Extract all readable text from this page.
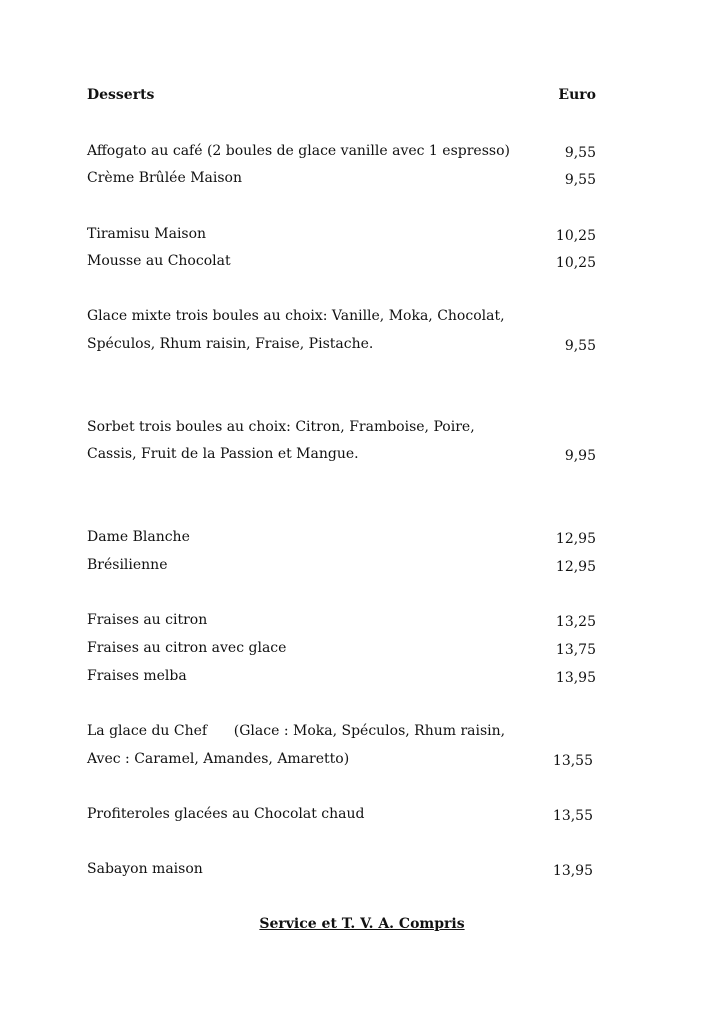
Desserts	Euro
Affogato au café (2 boules de glace vanille avec 1 espresso)	9,55
Crème Brûlée Maison	9,55
Tiramisu Maison	10,25
Mousse au Chocolat	10,25
Glace mixte trois boules au choix: Vanille, Moka, Chocolat,
Spéculos, Rhum raisin, Fraise, Pistache.	9,55
Sorbet trois boules au choix: Citron, Framboise, Poire,
Cassis, Fruit de la Passion et Mangue.	9,95
Dame Blanche	12,95
Brésilienne	12,95
Fraises au citron	13,25
Fraises au citron avec glace	13,75
Fraises melba	13,95
La glace du Chef      (Glace : Moka, Spéculos, Rhum raisin,
Avec : Caramel, Amandes, Amaretto)	13,55
Profiteroles glacées au Chocolat chaud	13,55
Sabayon maison	13,95
Service et T. V. A. Compris
